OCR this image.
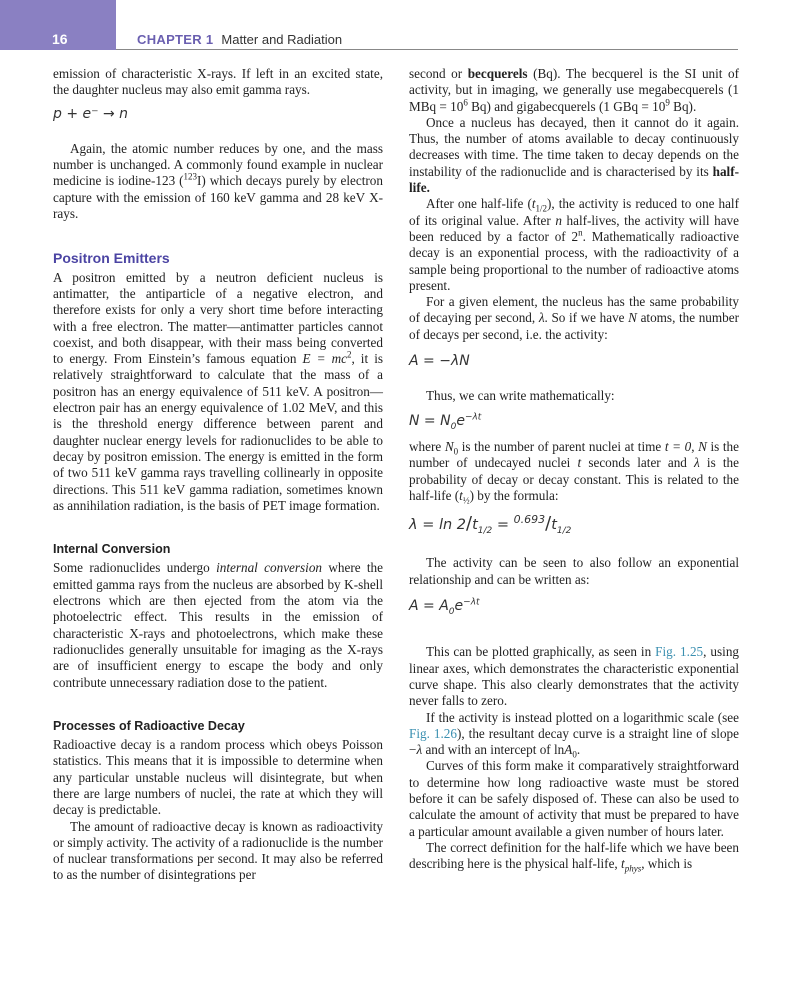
16	CHAPTER 1 Matter and Radiation

emission of characteristic X-rays. If left in an excited state, the daughter nucleus may also emit gamma rays.

p + e⁻ → n

Again, the atomic number reduces by one, and the mass number is unchanged. A commonly found example in nuclear medicine is iodine-123 ($^{123}$I) which decays purely by electron capture with the emission of 160 keV gamma and 28 keV X-rays.

Positron Emitters

A positron emitted by a neutron deficient nucleus is antimatter, the antiparticle of a negative electron, and therefore exists for only a very short time before interacting with a free electron. The matter—antimatter particles cannot coexist, and both disappear, with their mass being converted to energy. From Einstein’s famous equation $E = mc^2$, it is relatively straightforward to calculate that the mass of a positron has an energy equivalence of 511 keV. A positron—electron pair has an energy equivalence of 1.02 MeV, and this is the threshold energy difference between parent and daughter nuclear energy levels for radionuclides to be able to decay by positron emission. The energy is emitted in the form of two 511 keV gamma rays travelling collinearly in opposite directions. This 511 keV gamma radiation, sometimes known as annihilation radiation, is the basis of PET image formation.

Internal Conversion

Some radionuclides undergo internal conversion where the emitted gamma rays from the nucleus are absorbed by K-shell electrons which are then ejected from the atom via the photoelectric effect. This results in the emission of characteristic X-rays and photoelectrons, which make these radionuclides generally unsuitable for imaging as the X-rays are of insufficient energy to escape the body and only contribute unnecessary radiation dose to the patient.

Processes of Radioactive Decay

Radioactive decay is a random process which obeys Poisson statistics. This means that it is impossible to determine when any particular unstable nucleus will disintegrate, but when there are large numbers of nuclei, the rate at which they will decay is predictable.

The amount of radioactive decay is known as radioactivity or simply activity. The activity of a radionuclide is the number of nuclear transformations per second. It may also be referred to as the number of disintegrations per

second or becquerels (Bq). The becquerel is the SI unit of activity, but in imaging, we generally use megabecquerels (1 MBq = $10^6$ Bq) and gigabecquerels (1 GBq = $10^9$ Bq).

Once a nucleus has decayed, then it cannot do it again. Thus, the number of atoms available to decay continuously decreases with time. The time taken to decay depends on the instability of the radionuclide and is characterised by its half-life.

After one half-life $(t_{1/2})$, the activity is reduced to one half of its original value. After n half-lives, the activity will have been reduced by a factor of 2$^n$. Mathematically radioactive decay is an exponential process, with the radioactivity of a sample being proportional to the number of radioactive atoms present.

For a given element, the nucleus has the same probability of decaying per second, λ. So if we have N atoms, the number of decays per second, i.e. the activity:

A = −λN

Thus, we can write mathematically:

$N = N_0e^{-\lambda t}$

where $N_0$ is the number of parent nuclei at time t = 0, N is the number of undecayed nuclei t seconds later and λ is the probability of decay or decay constant. This is related to the half-life $(t_{\frac{1}{2}})$ by the formula:

$\lambda = \ln 2/t_{1/2} = ^{0.693}/t_{1/2}$

The activity can be seen to also follow an exponential relationship and can be written as:

$A = A_0e^{-\lambda t}$

This can be plotted graphically, as seen in Fig. 1.25, using linear axes, which demonstrates the characteristic exponential curve shape. This also clearly demonstrates that the activity never falls to zero.

If the activity is instead plotted on a logarithmic scale (see Fig. 1.26), the resultant decay curve is a straight line of slope −λ and with an intercept of lnA$_0$.

Curves of this form make it comparatively straightforward to determine how long radioactive waste must be stored before it can be safely disposed of. These can also be used to calculate the amount of activity that must be prepared to have a particular amount available a given number of hours later.

The correct definition for the half-life which we have been describing here is the physical half-life, $t_{phys}$, which is
